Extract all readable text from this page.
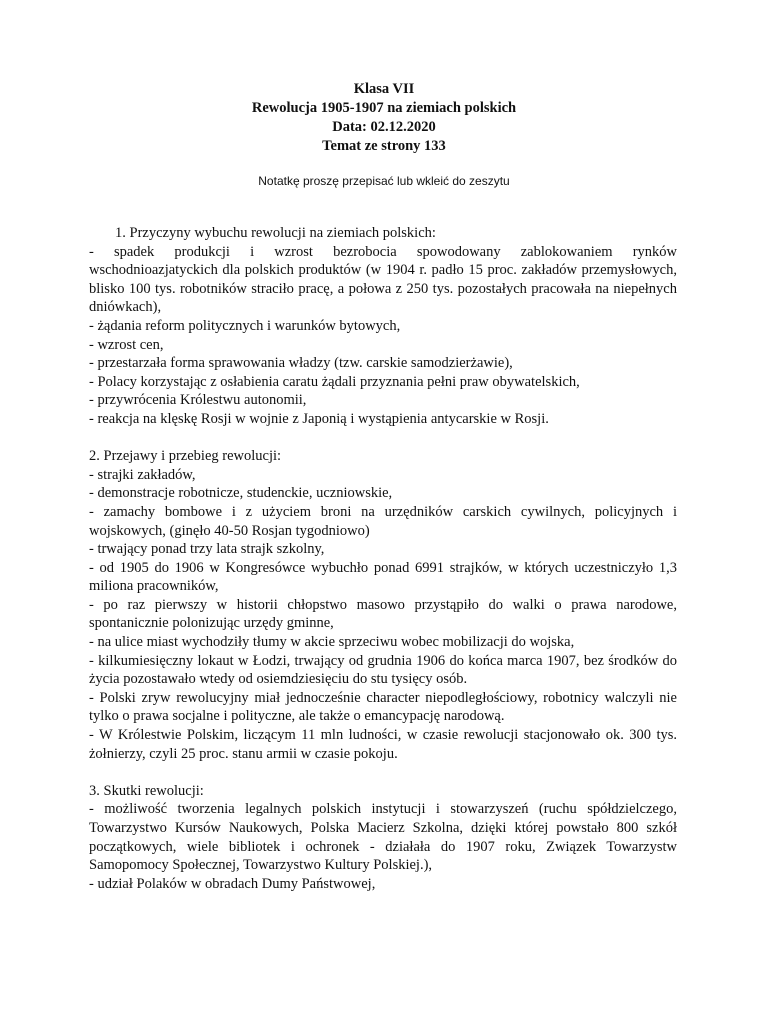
Klasa VII
Rewolucja 1905-1907 na ziemiach polskich
Data: 02.12.2020
Temat ze strony 133
Notatkę proszę przepisać lub wkleić do zeszytu

1. Przyczyny wybuchu rewolucji na ziemiach polskich:

- spadek produkcji i wzrost bezrobocia spowodowany zablokowaniem rynków wschodnioazjatyckich dla polskich produktów (w 1904 r. padło 15 proc. zakładów przemysłowych, blisko 100 tys. robotników straciło pracę, a połowa z 250 tys. pozostałych pracowała na niepełnych dniówkach),

- żądania reform politycznych i warunków bytowych,

- wzrost cen,

- przestarzała forma sprawowania władzy (tzw. carskie samodzierżawie),

- Polacy korzystając z osłabienia caratu żądali przyznania pełni praw obywatelskich,

- przywrócenia Królestwu autonomii,

- reakcja na klęskę Rosji w wojnie z Japonią i wystąpienia antycarskie w Rosji.

2. Przejawy i przebieg rewolucji:

- strajki zakładów,

- demonstracje robotnicze, studenckie, uczniowskie,

- zamachy bombowe i z użyciem broni na urzędników carskich cywilnych, policyjnych i wojskowych, (ginęło 40-50 Rosjan tygodniowo)

- trwający ponad trzy lata strajk szkolny,

- od 1905 do 1906 w Kongresówce wybuchło ponad 6991 strajków, w których uczestniczyło 1,3 miliona pracowników,

- po raz pierwszy w historii chłopstwo masowo przystąpiło do walki o prawa narodowe, spontanicznie polonizując urzędy gminne,

- na ulice miast wychodziły tłumy w akcie sprzeciwu wobec mobilizacji do wojska,

- kilkumiesięczny lokaut w Łodzi, trwający od grudnia 1906 do końca marca 1907, bez środków do życia pozostawało wtedy od osiemdziesięciu do stu tysięcy osób.

- Polski zryw rewolucyjny miał jednocześnie character niepodległościowy, robotnicy walczyli nie tylko o prawa socjalne i polityczne, ale także o emancypację narodową.

- W Królestwie Polskim, liczącym 11 mln ludności, w czasie rewolucji stacjonowało ok. 300 tys. żołnierzy, czyli 25 proc. stanu armii w czasie pokoju.

3. Skutki rewolucji:

- możliwość tworzenia legalnych polskich instytucji i stowarzyszeń (ruchu spółdzielczego, Towarzystwo Kursów Naukowych, Polska Macierz Szkolna, dzięki której powstało 800 szkół początkowych, wiele bibliotek i ochronek - działała do 1907 roku, Związek Towarzystw Samopomocy Społecznej, Towarzystwo Kultury Polskiej.),

- udział Polaków w obradach Dumy Państwowej,
